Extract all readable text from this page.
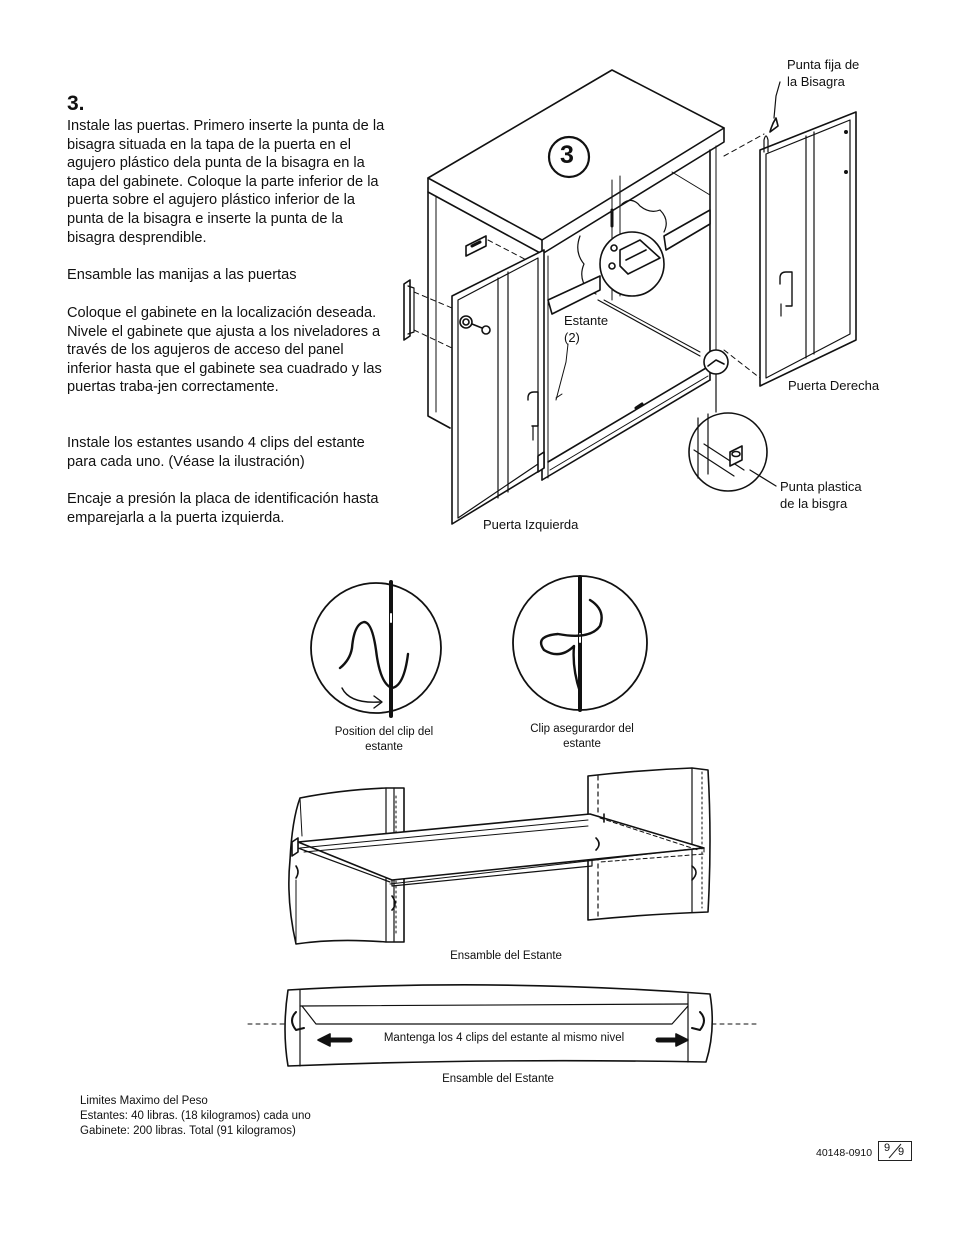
3.

Instale las puertas. Primero inserte la punta de la bisagra situada en la tapa de la puerta en el agujero plástico dela punta de la bisagra en la tapa del gabinete. Coloque la parte inferior de la puerta sobre el agujero plástico inferior de la punta de la bisagra e inserte la punta de la bisagra desprendible.

Ensamble las manijas a las puertas

Coloque el gabinete en la localización deseada. Nivele el gabinete que ajusta a los niveladores a través de los agujeros de acceso del panel inferior hasta que el gabinete sea cuadrado y las puertas traba-jen correctamente.

Instale los estantes usando 4 clips del estante para cada uno. (Véase la ilustración)

Encaje a presión la placa de identificación hasta emparejarla a la puerta izquierda.

3
Punta fija de
la Bisagra
Estante
(2)
Puerta Derecha
Punta plastica
de la bisgra
Puerta Izquierda
Position del clip del
estante
Clip asegurardor del
estante
Ensamble del Estante
Mantenga los 4 clips del estante al mismo nivel
Ensamble del Estante
Limites Maximo del Peso
Estantes: 40 libras. (18 kilogramos) cada uno
Gabinete: 200 libras. Total (91 kilogramos)
40148-0910 9 9
